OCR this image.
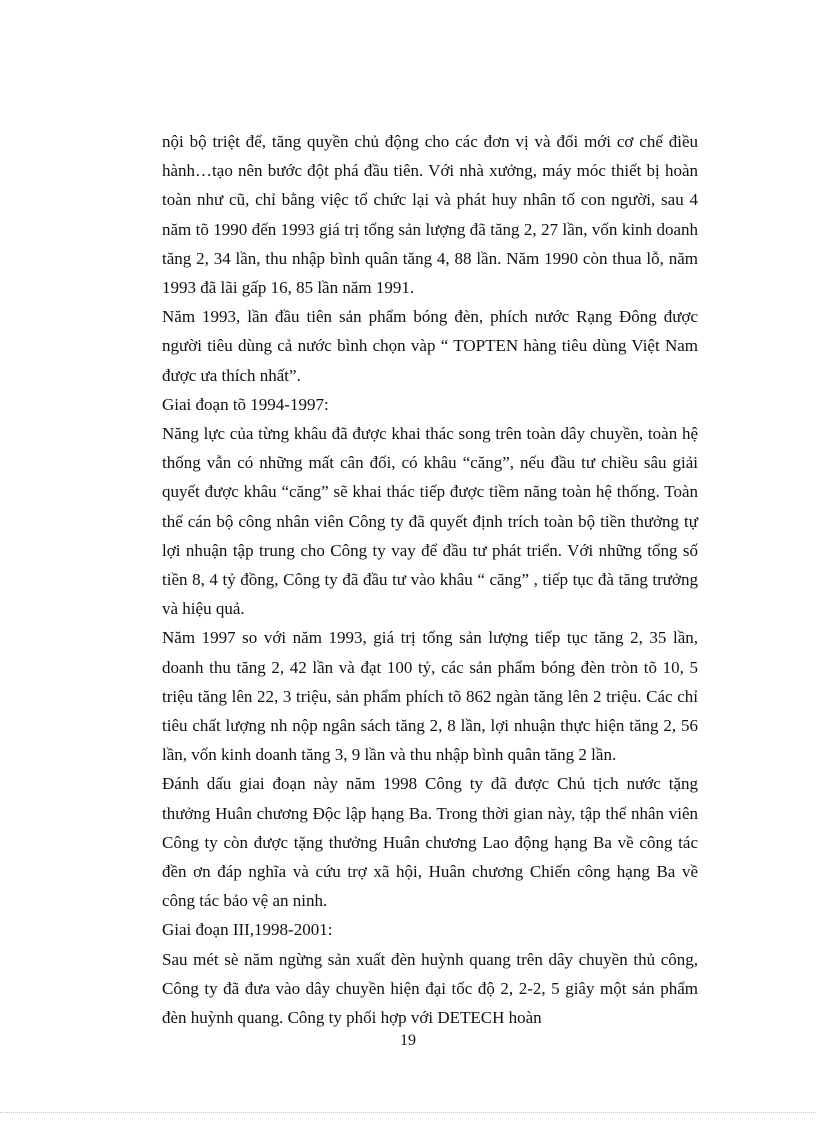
nội bộ triệt để, tăng quyền chủ động cho các đơn vị và đổi mới cơ chế điều hành…tạo nên bước đột phá đầu tiên. Với nhà xưởng, máy móc thiết bị hoàn toàn như cũ, chỉ bằng việc tổ chức lại và phát huy nhân tố con người, sau 4 năm tõ 1990 đến 1993 giá trị tổng sản lượng đã tăng 2, 27 lần, vốn kinh doanh tăng 2, 34 lần, thu nhập bình quân tăng 4, 88 lần. Năm 1990 còn thua lỗ, năm 1993 đã lãi gấp 16, 85 lần năm 1991.

Năm 1993, lần đầu tiên sản phẩm bóng đèn, phích nước Rạng Đông được người tiêu dùng cả nước bình chọn vàp “ TOPTEN hàng tiêu dùng Việt Nam được ưa thích nhất”.

Giai đoạn tõ 1994-1997:

Năng lực của từng khâu đã được khai thác song trên toàn dây chuyền, toàn hệ thống vẫn có những mất cân đối, có khâu “căng”, nếu đầu tư chiều sâu giải quyết được khâu “căng” sẽ khai thác tiếp được tiềm năng toàn hệ thống. Toàn thể cán bộ công nhân viên Công ty đã quyết định trích toàn bộ tiền thưởng tự lợi nhuận tập trung cho Công ty vay để đầu tư phát triển. Với những tổng số tiền 8, 4 tỷ đồng, Công ty đã đầu tư vào khâu “ căng” , tiếp tục đà tăng trưởng và hiệu quả.

Năm 1997 so với năm 1993, giá trị tổng sản lượng tiếp tục tăng 2, 35 lần, doanh thu tăng 2, 42 lần và đạt 100 tỷ, các sản phẩm bóng đèn tròn tõ 10, 5 triệu tăng lên 22, 3 triệu, sản phẩm phích tõ 862 ngàn tăng lên 2 triệu. Các chỉ tiêu chất lượng nh nộp ngân sách tăng 2, 8 lần, lợi nhuận thực hiện tăng 2, 56 lần, vốn kinh doanh tăng 3, 9 lần và thu nhập bình quân tăng 2 lần.

Đánh dấu giai đoạn này năm 1998 Công ty đã được Chủ tịch nước tặng thưởng Huân chương Độc lập hạng Ba. Trong thời gian này, tập thể nhân viên Công ty còn được tặng thưởng Huân chương Lao động hạng Ba về công tác đền ơn đáp nghĩa và cứu trợ xã hội, Huân chương Chiến công hạng Ba về công tác bảo vệ an ninh.

Giai đoạn III,1998-2001:

Sau mét sè năm ngừng sản xuất đèn huỳnh quang trên dây chuyền thủ công, Công ty đã đưa vào dây chuyền hiện đại tốc độ 2, 2-2, 5 giây một sản phẩm đèn huỳnh quang. Công ty phối hợp với DETECH hoàn

19
